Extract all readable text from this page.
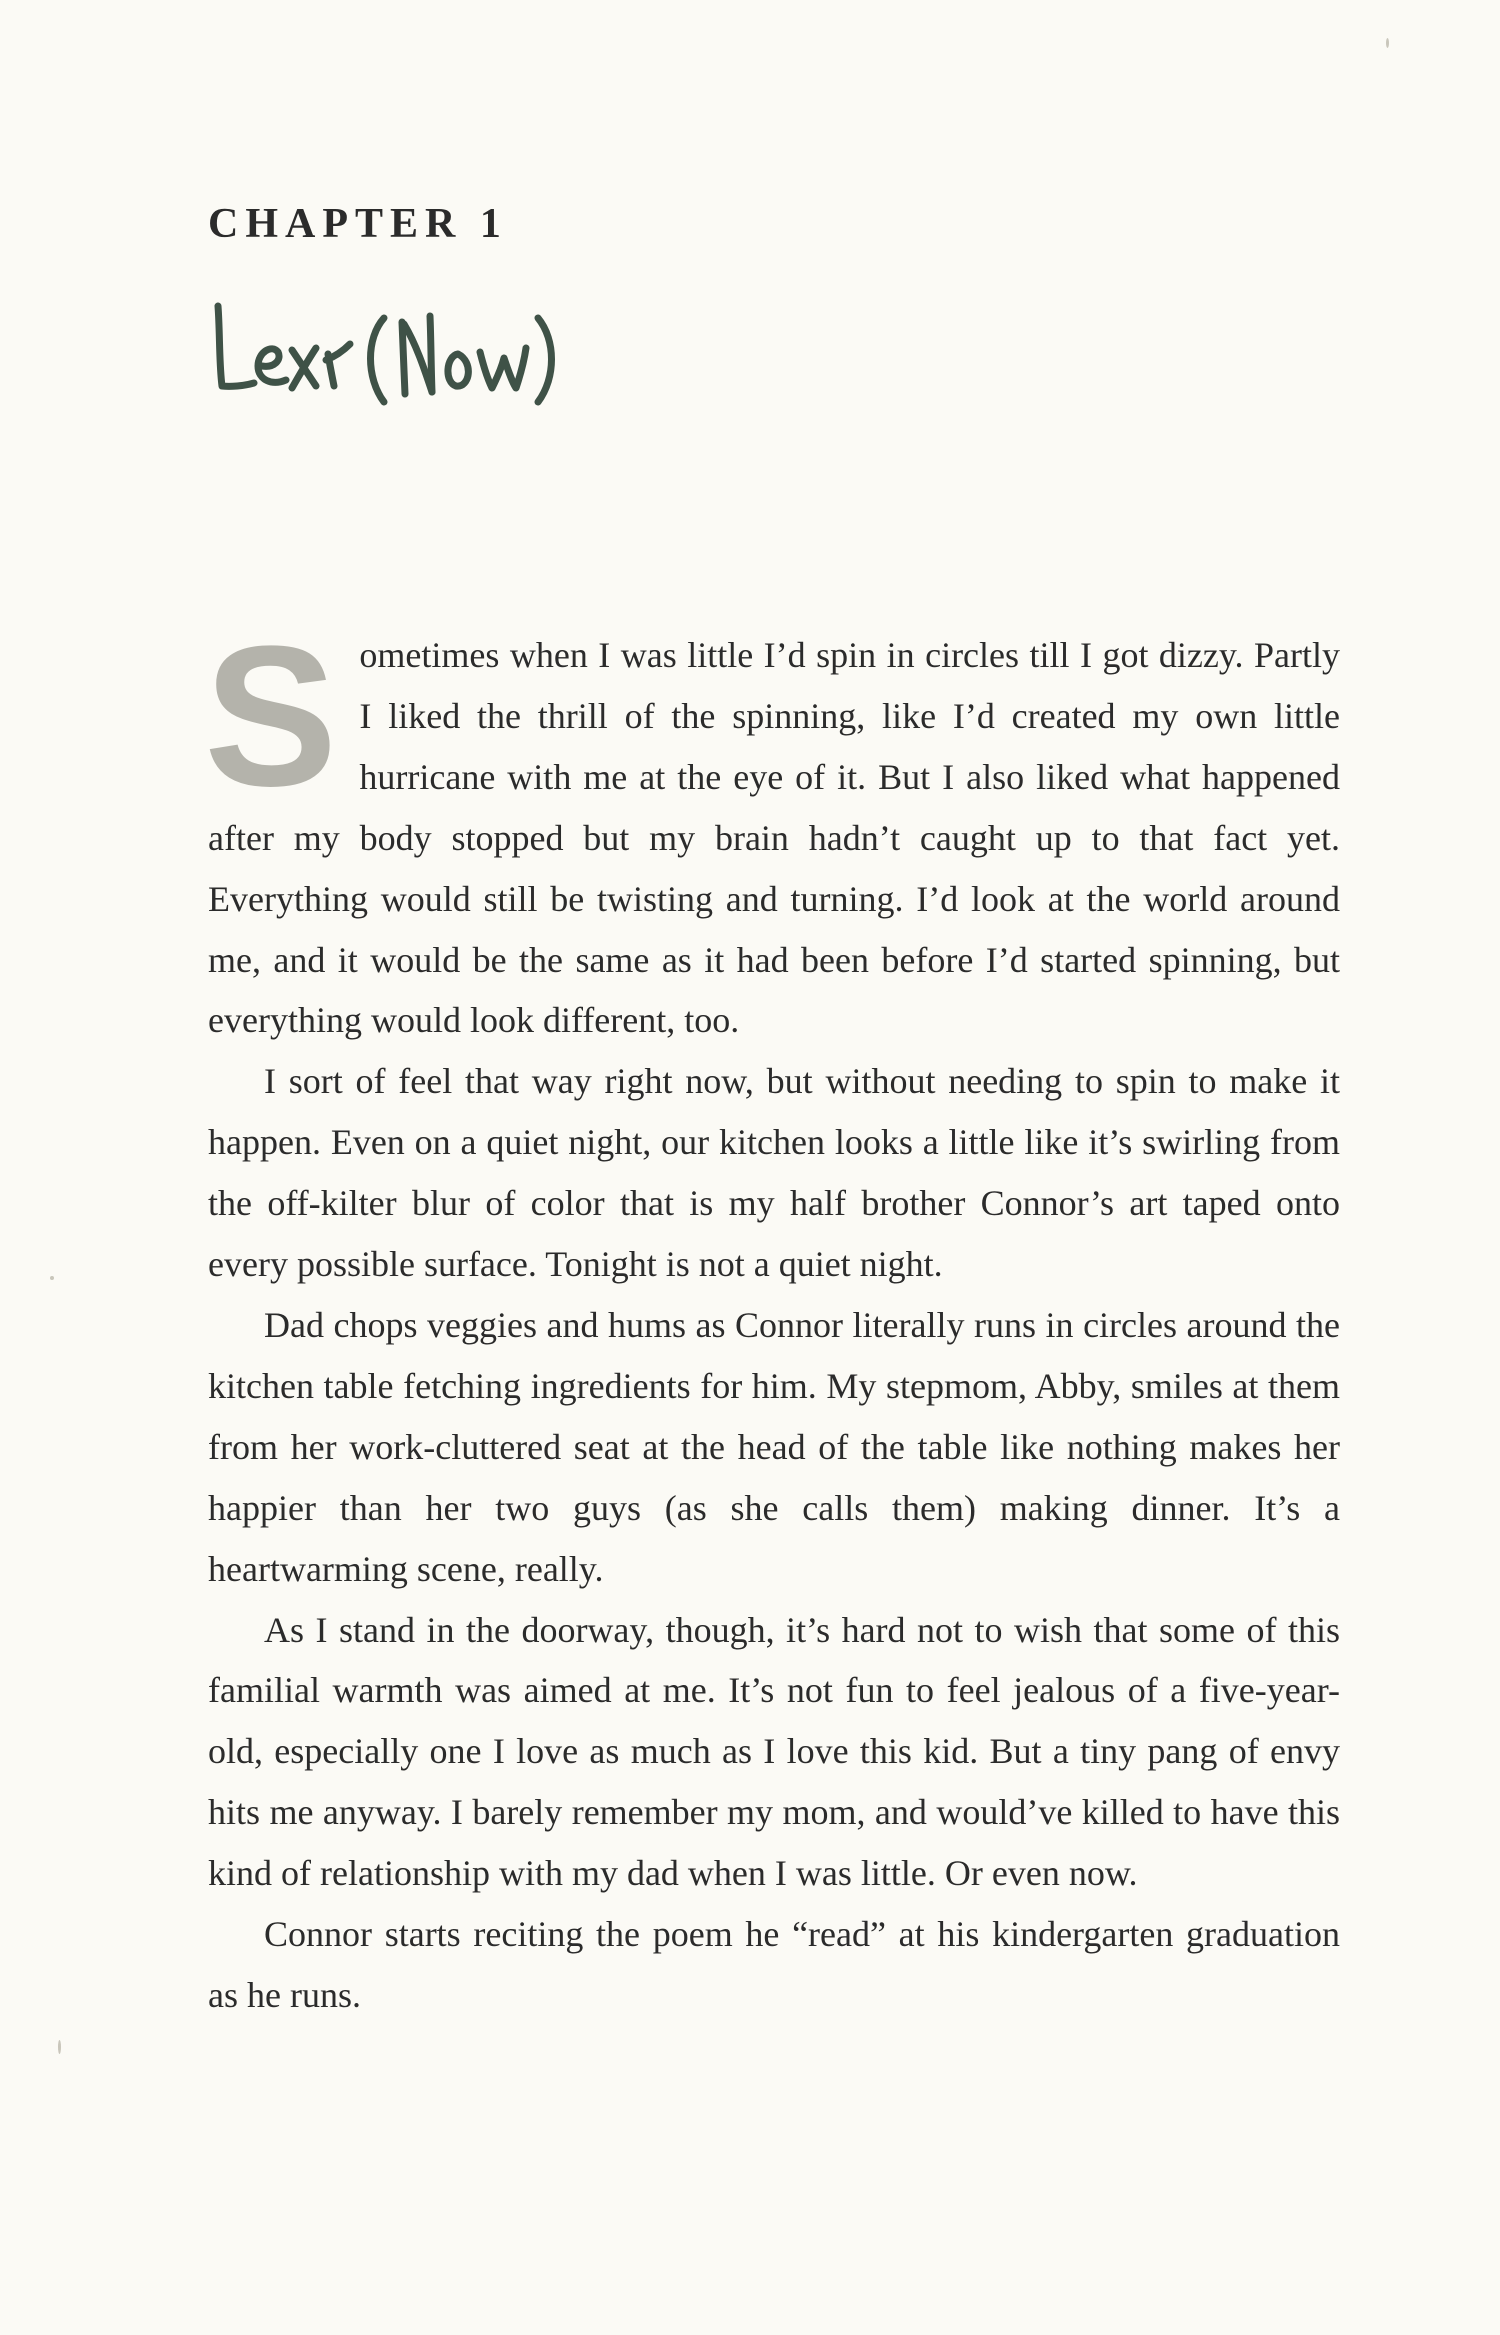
CHAPTER 1

Sometimes when I was little I’d spin in circles till I got dizzy. Partly I liked the thrill of the spinning, like I’d created my own little hurricane with me at the eye of it. But I also liked what happened after my body stopped but my brain hadn’t caught up to that fact yet. Everything would still be twisting and turning. I’d look at the world around me, and it would be the same as it had been before I’d started spinning, but everything would look different, too.

I sort of feel that way right now, but without needing to spin to make it happen. Even on a quiet night, our kitchen looks a little like it’s swirling from the off-kilter blur of color that is my half brother Connor’s art taped onto every possible surface. Tonight is not a quiet night.

Dad chops veggies and hums as Connor literally runs in circles around the kitchen table fetching ingredients for him. My stepmom, Abby, smiles at them from her work-cluttered seat at the head of the table like nothing makes her happier than her two guys (as she calls them) making dinner. It’s a heartwarming scene, really.

As I stand in the doorway, though, it’s hard not to wish that some of this familial warmth was aimed at me. It’s not fun to feel jealous of a five-year-old, especially one I love as much as I love this kid. But a tiny pang of envy hits me anyway. I barely remember my mom, and would’ve killed to have this kind of relationship with my dad when I was little. Or even now.

Connor starts reciting the poem he “read” at his kindergarten graduation as he runs.
